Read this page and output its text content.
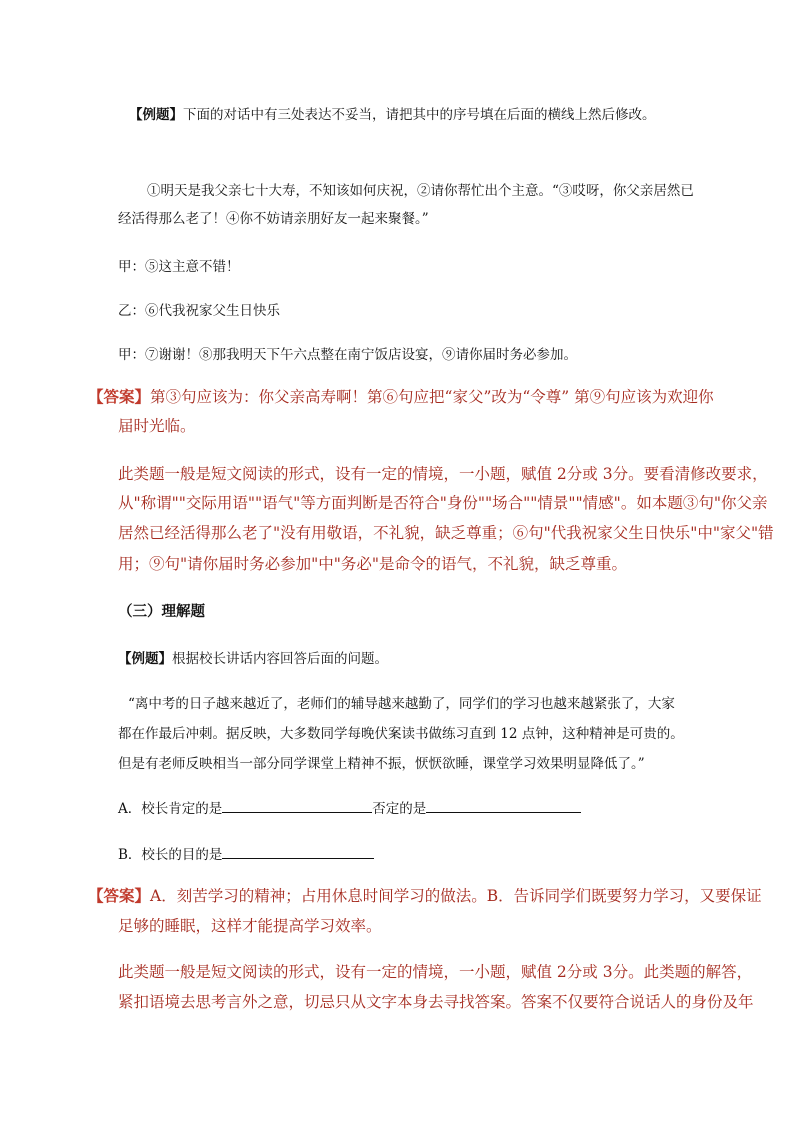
【例题】下面的对话中有三处表达不妥当，请把其中的序号填在后面的横线上然后修改。
①明天是我父亲七十大寿，不知该如何庆祝，②请你帮忙出个主意。“③哎呀，你父亲居然已
经活得那么老了！④你不妨请亲朋好友一起来聚餐。”
甲：⑤这主意不错！
乙：⑥代我祝家父生日快乐
甲：⑦谢谢！⑧那我明天下午六点整在南宁饭店设宴，⑨请你届时务必参加。
【答案】第③句应该为：你父亲高寿啊！第⑥句应把“家父”改为“令尊” 第⑨句应该为欢迎你
届时光临。
此类题一般是短文阅读的形式，设有一定的情境，一小题，赋值 2分或 3分。要看清修改要求，
从"称谓""交际用语""语气"等方面判断是否符合"身份""场合""情景""情感"。如本题③句"你父亲
居然已经活得那么老了"没有用敬语，不礼貌，缺乏尊重；⑥句"代我祝家父生日快乐"中"家父"错
用；⑨句"请你届时务必参加"中"务必"是命令的语气，不礼貌，缺乏尊重。
（三）理解题
【例题】根据校长讲话内容回答后面的问题。
“离中考的日子越来越近了，老师们的辅导越来越勤了，同学们的学习也越来越紧张了，大家
都在作最后冲刺。据反映，大多数同学每晚伏案读书做练习直到 12 点钟，这种精神是可贵的。
但是有老师反映相当一部分同学课堂上精神不振，恹恹欲睡，课堂学习效果明显降低了。”
A．校长肯定的是	否定的是
B．校长的目的是
【答案】A．刻苦学习的精神；占用休息时间学习的做法。B．告诉同学们既要努力学习，又要保证
足够的睡眠，这样才能提高学习效率。
此类题一般是短文阅读的形式，设有一定的情境，一小题，赋值 2分或 3分。此类题的解答，
紧扣语境去思考言外之意，切忌只从文字本身去寻找答案。答案不仅要符合说话人的身份及年
